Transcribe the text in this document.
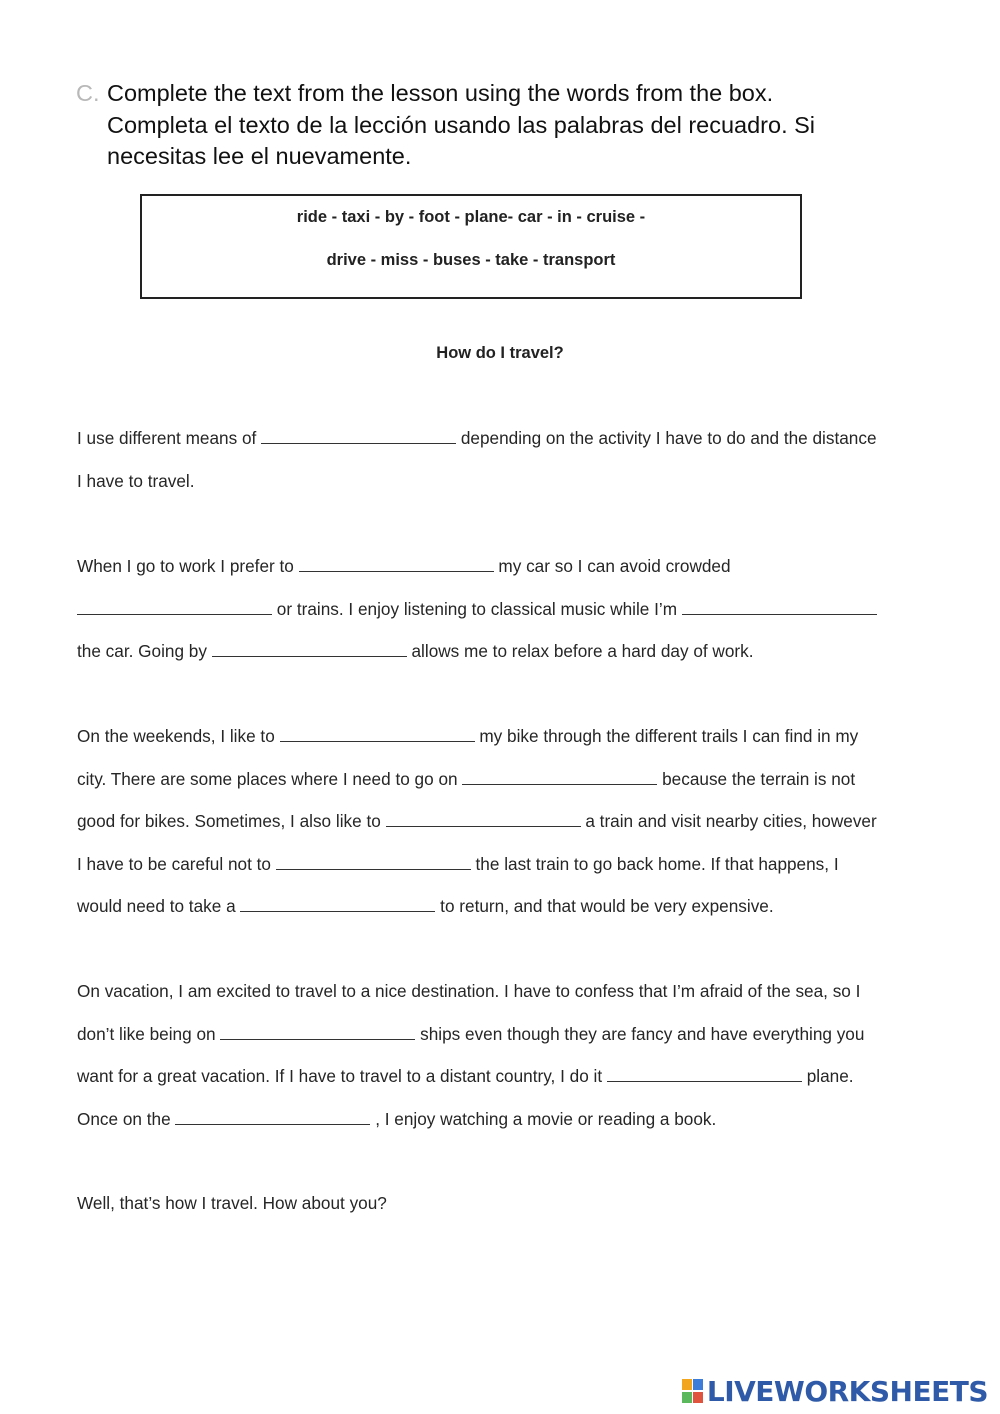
C. Complete the text from the lesson using the words from the box.
Completa el texto de la lección usando las palabras del recuadro. Si
necesitas lee el nuevamente.
ride - taxi - by - foot - plane- car - in - cruise -
drive - miss - buses - take - transport
How do I travel?
I use different means of	depending on the activity I have to do and the distance
I have to travel.
When I go to work I prefer to	my car so I can avoid crowded
or trains. I enjoy listening to classical music while I’m
the car. Going by	allows me to relax before a hard day of work.
On the weekends, I like to	my bike through the different trails I can find in my
city. There are some places where I need to go on	because the terrain is not
good for bikes. Sometimes, I also like to	a train and visit nearby cities, however
I have to be careful not to	the last train to go back home. If that happens, I
would need to take a	to return, and that would be very expensive.
On vacation, I am excited to travel to a nice destination. I have to confess that I’m afraid of the sea, so I
don’t like being on	ships even though they are fancy and have everything you
want for a great vacation. If I have to travel to a distant country, I do it	plane.
Once on the	, I enjoy watching a movie or reading a book.
Well, that’s how I travel. How about you?
LIVEWORKSHEETS
